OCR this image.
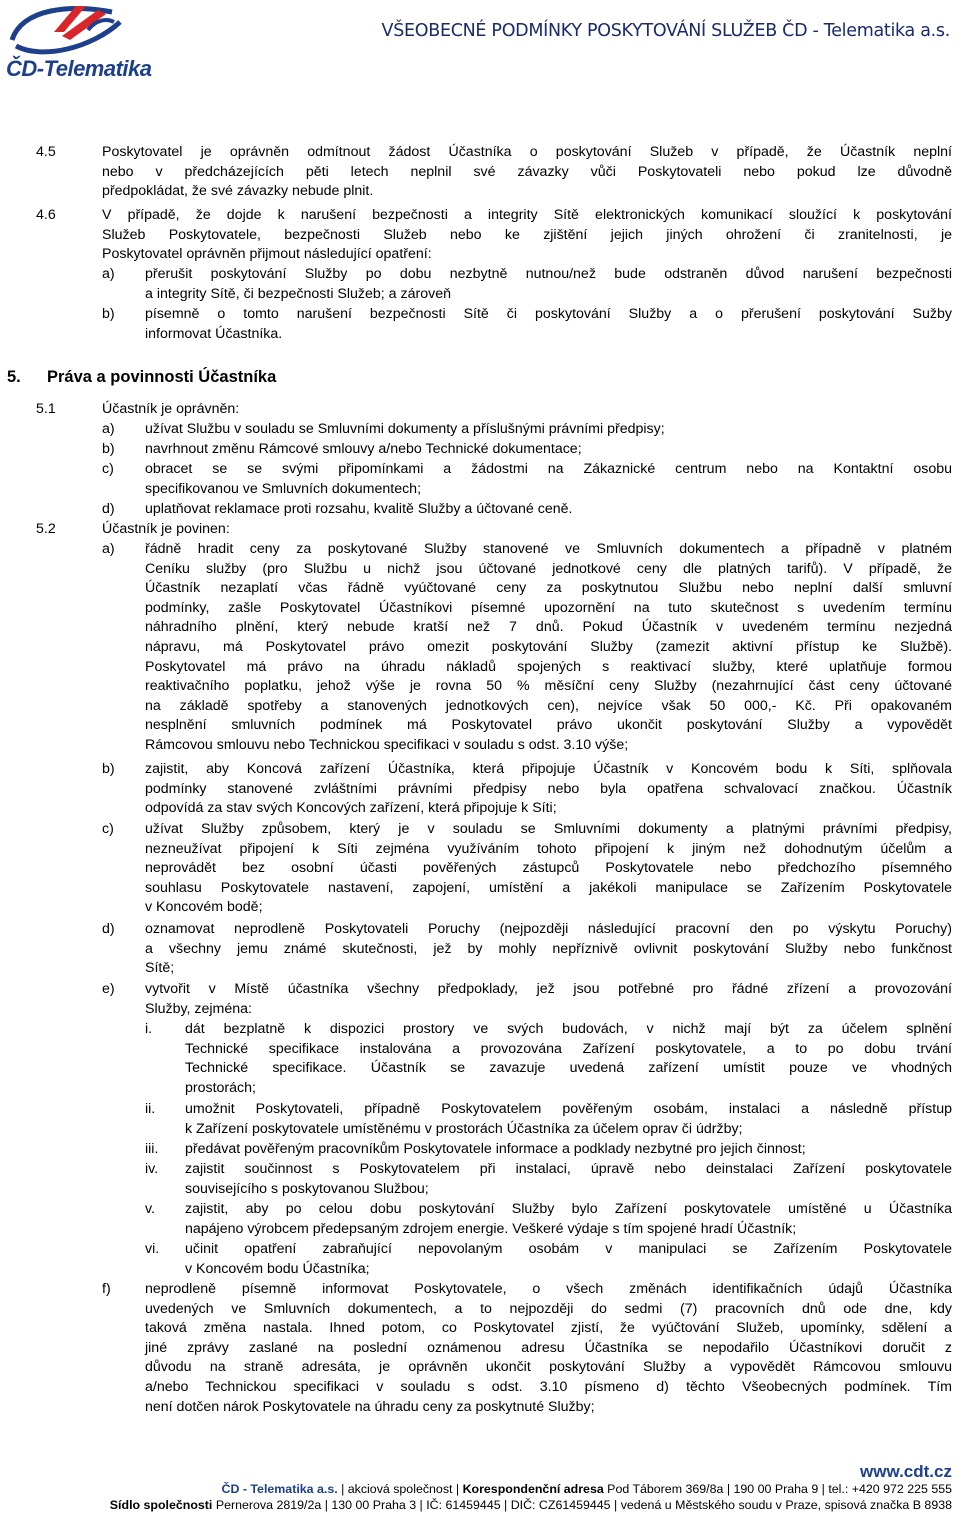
ČD-Telematika
VŠEOBECNÉ PODMÍNKY POSKYTOVÁNÍ SLUŽEB ČD - Telematika a.s.
4.5	Poskytovatel je oprávněn odmítnout žádost Účastníka o poskytování Služeb v případě, že Účastník neplní
nebo v předcházejících pěti letech neplnil své závazky vůči Poskytovateli nebo pokud lze důvodně
předpokládat, že své závazky nebude plnit.
4.6	V případě, že dojde k narušení bezpečnosti a integrity Sítě elektronických komunikací sloužící k poskytování
Služeb Poskytovatele, bezpečnosti Služeb nebo ke zjištění jejich jiných ohrožení či zranitelnosti, je
Poskytovatel oprávněn přijmout následující opatření:
a) přerušit poskytování Služby po dobu nezbytně nutnou/než bude odstraněn důvod narušení bezpečnosti
a integrity Sítě, či bezpečnosti Služeb; a zároveň
b) písemně o tomto narušení bezpečnosti Sítě či poskytování Služby a o přerušení poskytování Sužby
informovat Účastníka.
5. Práva a povinnosti Účastníka
5.1	Účastník je oprávněn:
a) užívat Službu v souladu se Smluvními dokumenty a příslušnými právními předpisy;
b) navrhnout změnu Rámcové smlouvy a/nebo Technické dokumentace;
c) obracet se se svými připomínkami a žádostmi na Zákaznické centrum nebo na Kontaktní osobu
specifikovanou ve Smluvních dokumentech;
d) uplatňovat reklamace proti rozsahu, kvalitě Služby a účtované ceně.
5.2	Účastník je povinen:
a) řádně hradit ceny za poskytované Služby stanovené ve Smluvních dokumentech a případně v platném
Ceníku služby (pro Službu u nichž jsou účtované jednotkové ceny dle platných tarifů). V případě, že
Účastník nezaplatí včas řádně vyúčtované ceny za poskytnutou Službu nebo neplní další smluvní
podmínky, zašle Poskytovatel Účastníkovi písemné upozornění na tuto skutečnost s uvedením termínu
náhradního plnění, který nebude kratší než 7 dnů. Pokud Účastník v uvedeném termínu nezjedná
nápravu, má Poskytovatel právo omezit poskytování Služby (zamezit aktivní přístup ke Službě).
Poskytovatel má právo na úhradu nákladů spojených s reaktivací služby, které uplatňuje formou
reaktivačního poplatku, jehož výše je rovna 50 % měsíční ceny Služby (nezahrnující část ceny účtované
na základě spotřeby a stanovených jednotkových cen), nejvíce však 50 000,- Kč. Při opakovaném
nesplnění smluvních podmínek má Poskytovatel právo ukončit poskytování Služby a vypovědět
Rámcovou smlouvu nebo Technickou specifikaci v souladu s odst. 3.10 výše;
b) zajistit, aby Koncová zařízení Účastníka, která připojuje Účastník v Koncovém bodu k Síti, splňovala
podmínky stanovené zvláštními právními předpisy nebo byla opatřena schvalovací značkou. Účastník
odpovídá za stav svých Koncových zařízení, která připojuje k Síti;
c) užívat Služby způsobem, který je v souladu se Smluvními dokumenty a platnými právními předpisy,
nezneužívat připojení k Síti zejména využíváním tohoto připojení k jiným než dohodnutým účelům a
neprovádět bez osobní účasti pověřených zástupců Poskytovatele nebo předchozího písemného
souhlasu Poskytovatele nastavení, zapojení, umístění a jakékoli manipulace se Zařízením Poskytovatele
v Koncovém bodě;
d) oznamovat neprodleně Poskytovateli Poruchy (nejpozději následující pracovní den po výskytu Poruchy)
a všechny jemu známé skutečnosti, jež by mohly nepříznivě ovlivnit poskytování Služby nebo funkčnost
Sítě;
e) vytvořit v Místě účastníka všechny předpoklady, jež jsou potřebné pro řádné zřízení a provozování
Služby, zejména:
i. dát bezplatně k dispozici prostory ve svých budovách, v nichž mají být za účelem splnění
Technické specifikace instalována a provozována Zařízení poskytovatele, a to po dobu trvání
Technické specifikace. Účastník se zavazuje uvedená zařízení umístit pouze ve vhodných
prostorách;
ii. umožnit Poskytovateli, případně Poskytovatelem pověřeným osobám, instalaci a následně přístup
k Zařízení poskytovatele umístěnému v prostorách Účastníka za účelem oprav či údržby;
iii. předávat pověřeným pracovníkům Poskytovatele informace a podklady nezbytné pro jejich činnost;
iv. zajistit součinnost s Poskytovatelem při instalaci, úpravě nebo deinstalaci Zařízení poskytovatele
souvisejícího s poskytovanou Službou;
v. zajistit, aby po celou dobu poskytování Služby bylo Zařízení poskytovatele umístěné u Účastníka
napájeno výrobcem předepsaným zdrojem energie. Veškeré výdaje s tím spojené hradí Účastník;
vi. učinit opatření zabraňující nepovolaným osobám v manipulaci se Zařízením Poskytovatele
v Koncovém bodu Účastníka;
f) neprodleně písemně informovat Poskytovatele, o všech změnách identifikačních údajů Účastníka
uvedených ve Smluvních dokumentech, a to nejpozději do sedmi (7) pracovních dnů ode dne, kdy
taková změna nastala. Ihned potom, co Poskytovatel zjistí, že vyúčtování Služeb, upomínky, sdělení a
jiné zprávy zaslané na poslední oznámenou adresu Účastníka se nepodařilo Účastníkovi doručit z
důvodu na straně adresáta, je oprávněn ukončit poskytování Služby a vypovědět Rámcovou smlouvu
a/nebo Technickou specifikaci v souladu s odst. 3.10 písmeno d) těchto Všeobecných podmínek. Tím
není dotčen nárok Poskytovatele na úhradu ceny za poskytnuté Služby;
www.cdt.cz
ČD - Telematika a.s. | akciová společnost | Korespondenční adresa Pod Táborem 369/8a | 190 00 Praha 9 | tel.: +420 972 225 555
Sídlo společnosti Pernerova 2819/2a | 130 00 Praha 3 | IČ: 61459445 | DIČ: CZ61459445 | vedená u Městského soudu v Praze, spisová značka B 8938
